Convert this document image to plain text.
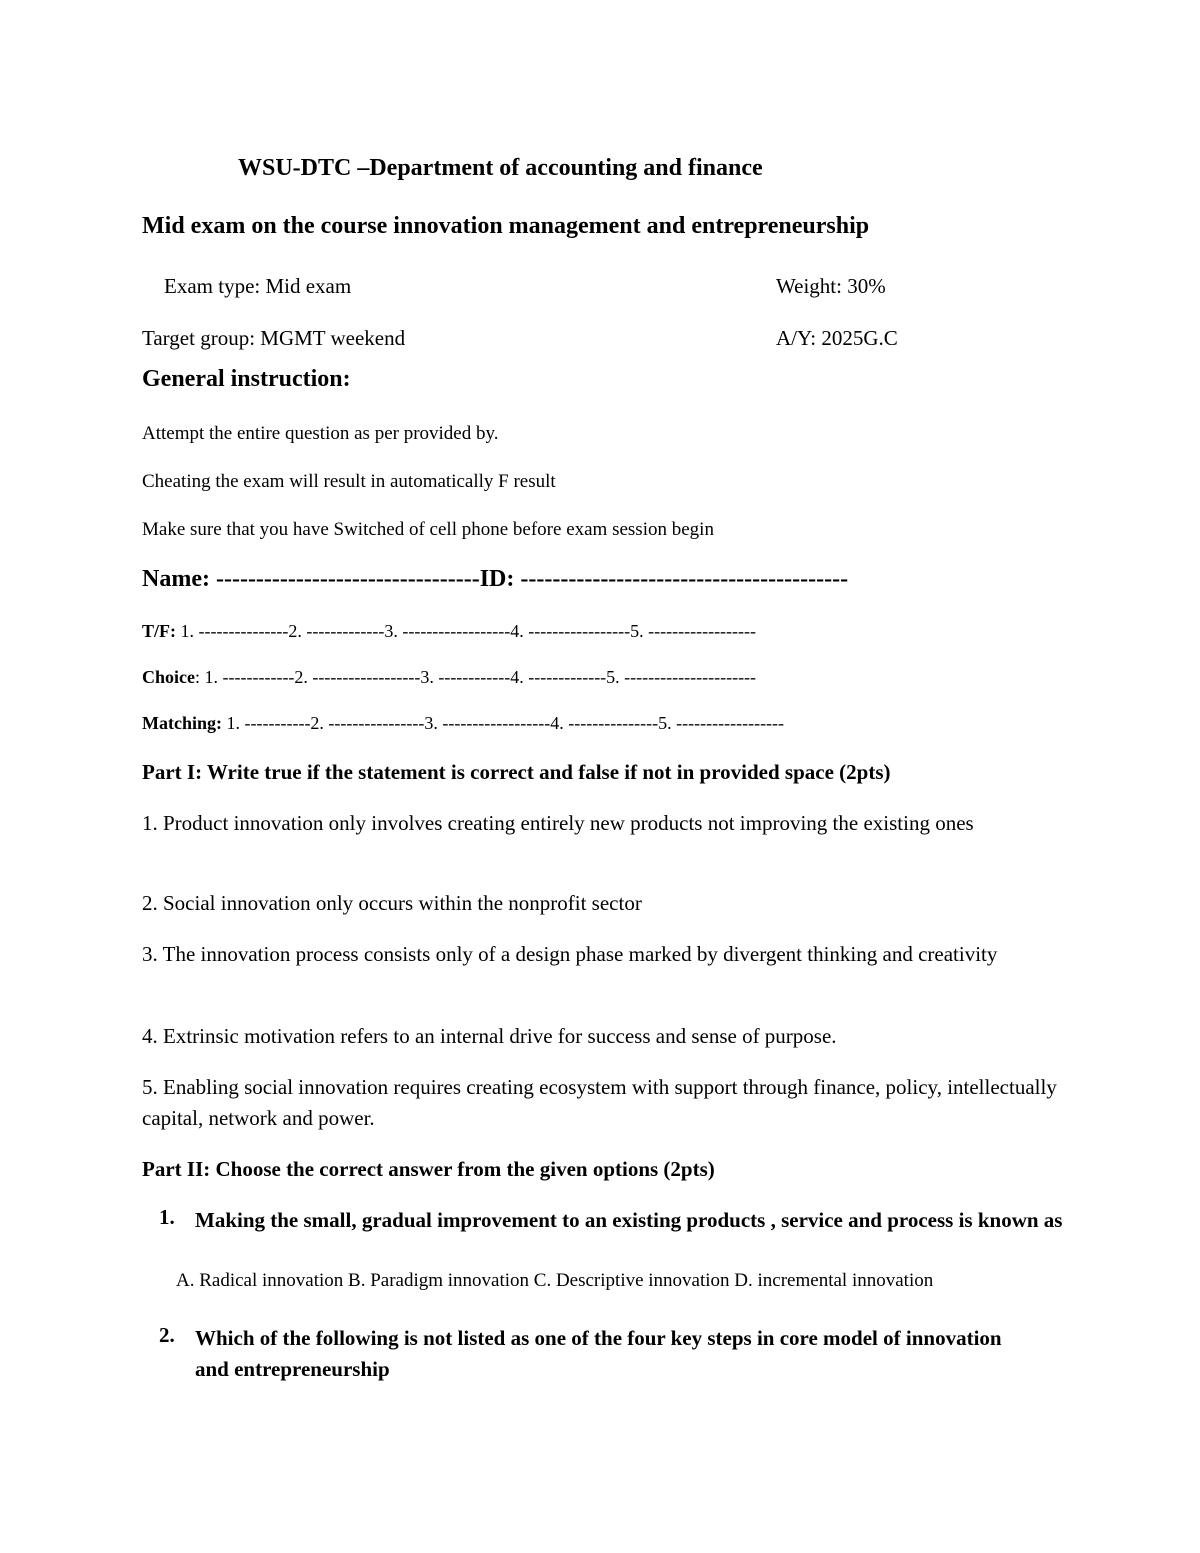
WSU-DTC –Department of accounting and finance
Mid exam on the course innovation management and entrepreneurship
Exam type: Mid exam	Weight: 30%
Target group: MGMT weekend	A/Y: 2025G.C
General instruction:
Attempt the entire question as per provided by.
Cheating the exam will result in automatically F result
Make sure that you have Switched of cell phone before exam session begin
Name: ---------------------------------ID: -----------------------------------------
T/F: 1. ---------------2. -------------3. ------------------4. -----------------5. ------------------
Choice: 1. ------------2. ------------------3. ------------4. -------------5. ----------------------
Matching: 1. -----------2. ----------------3. ------------------4. ---------------5. ------------------
Part I: Write true if the statement is correct and false if not in provided space (2pts)
1. Product innovation only involves creating entirely new products not improving the existing ones
2. Social innovation only occurs within the nonprofit sector
3. The innovation process consists only of a design phase marked by divergent thinking and creativity
4. Extrinsic motivation refers to an internal drive for success and sense of purpose.
5. Enabling social innovation requires creating ecosystem with support through finance, policy, intellectually capital, network and power.
Part II: Choose the correct answer from the given options (2pts)
1. Making the small, gradual improvement to an existing products , service and process is known as
A. Radical innovation B. Paradigm innovation C. Descriptive innovation D. incremental innovation
2. Which of the following is not listed as one of the four key steps in core model of innovation and entrepreneurship
